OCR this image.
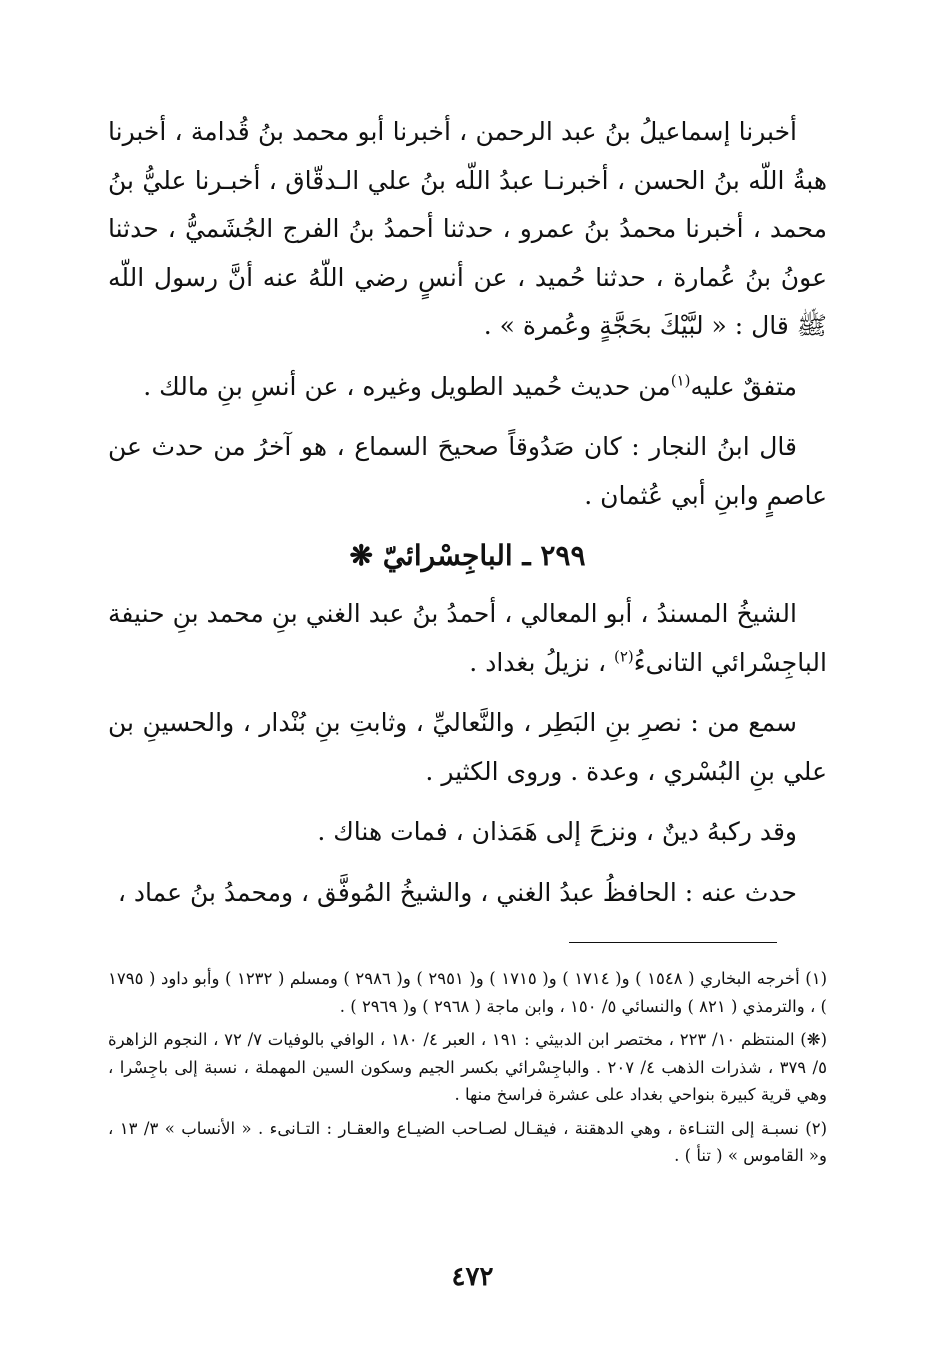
أخبرنا إسماعيلُ بنُ عبد الرحمن ، أخبرنا أبو محمد بنُ قُدامة ، أخبرنا هبةُ اللّه بنُ الحسن ، أخبرنـا عبدُ اللّه بنُ علي الـدقّاق ، أخبـرنا عليُّ بنُ محمد ، أخبرنا محمدُ بنُ عمرو ، حدثنا أحمدُ بنُ الفرج الجُشَميُّ ، حدثنا عونُ بنُ عُمارة ، حدثنا حُميد ، عن أنسٍ رضي اللّهُ عنه أنَّ رسول اللّه ﷺ قال : « لبَّيْكَ بحَجَّةٍ وعُمرة » .

متفقٌ عليه$^{(١)}$من حديث حُميد الطويل وغيره ، عن أنسِ بنِ مالك .

قال ابنُ النجار : كان صَدُوقاً صحيحَ السماع ، هو آخرُ من حدث عن عاصمٍ وابنِ أبي عُثمان .

٢٩٩ ـ الباجِسْرائيّ ❋

الشيخُ المسندُ ، أبو المعالي ، أحمدُ بنُ عبد الغني بنِ محمد بنِ حنيفة الباجِسْرائي التانىءُ$^{(٢)}$ ، نزيلُ بغداد .

سمع من : نصرِ بنِ البَطِر ، والنَّعاليِّ ، وثابتِ بنِ بُنْدار ، والحسينِ بن علي بنِ البُسْري ، وعدة . وروى الكثير .

وقد ركبهُ دينٌ ، ونزحَ إلى هَمَذان ، فمات هناك .

حدث عنه : الحافظُ عبدُ الغني ، والشيخُ المُوفَّق ، ومحمدُ بنُ عماد ،

(١) أخرجه البخاري ( ١٥٤٨ ) و( ١٧١٤ ) و( ١٧١٥ ) و( ٢٩٥١ ) و( ٢٩٨٦ ) ومسلم ( ١٢٣٢ ) وأبو داود ( ١٧٩٥ ) ، والترمذي ( ٨٢١ ) والنسائي ٥/ ١٥٠ ، وابن ماجة ( ٢٩٦٨ ) و( ٢٩٦٩ ) .

(❋) المنتظم ١٠/ ٢٢٣ ، مختصر ابن الدبيثي : ١٩١ ، العبر ٤/ ١٨٠ ، الوافي بالوفيات ٧/ ٧٢ ، النجوم الزاهرة ٥/ ٣٧٩ ، شذرات الذهب ٤/ ٢٠٧ . والباجِسْرائي بكسر الجيم وسكون السين المهملة ، نسبة إلى باجِسْرا ، وهي قرية كبيرة بنواحي بغداد على عشرة فراسخ منها .

(٢) نسبـة إلى التنـاءة ، وهي الدهقنة ، فيقـال لصـاحب الضيـاع والعقـار : التـانىء . « الأنساب » ٣/ ١٣ ، و« القاموس » ( تنأ ) .

٤٧٢
